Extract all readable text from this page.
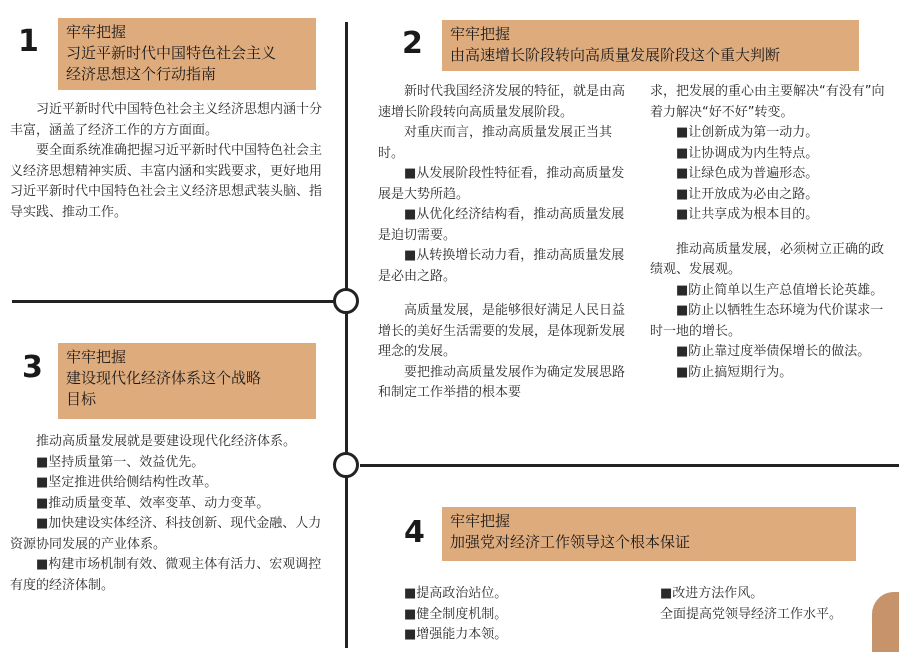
1 牢牢把握
习近平新时代中国特色社会主义
经济思想这个行动指南

习近平新时代中国特色社会主义经济思想内涵十分丰富，涵盖了经济工作的方方面面。

要全面系统准确把握习近平新时代中国特色社会主义经济思想精神实质、丰富内涵和实践要求，更好地用习近平新时代中国特色社会主义经济思想武装头脑、指导实践、推动工作。

2 牢牢把握
由高速增长阶段转向高质量发展阶段这个重大判断

新时代我国经济发展的特征，就是由高速增长阶段转向高质量发展阶段。

对重庆而言，推动高质量发展正当其时。

■从发展阶段性特征看，推动高质量发展是大势所趋。

■从优化经济结构看，推动高质量发展是迫切需要。

■从转换增长动力看，推动高质量发展是必由之路。

高质量发展，是能够很好满足人民日益增长的美好生活需要的发展，是体现新发展理念的发展。

要把推动高质量发展作为确定发展思路和制定工作举措的根本要

求，把发展的重心由主要解决“有没有”向着力解决“好不好”转变。

■让创新成为第一动力。

■让协调成为内生特点。

■让绿色成为普遍形态。

■让开放成为必由之路。

■让共享成为根本目的。

推动高质量发展，必须树立正确的政绩观、发展观。

■防止简单以生产总值增长论英雄。

■防止以牺牲生态环境为代价谋求一时一地的增长。

■防止靠过度举债保增长的做法。

■防止搞短期行为。

3 牢牢把握
建设现代化经济体系这个战略
目标

推动高质量发展就是要建设现代化经济体系。

■坚持质量第一、效益优先。

■坚定推进供给侧结构性改革。

■推动质量变革、效率变革、动力变革。

■加快建设实体经济、科技创新、现代金融、人力资源协同发展的产业体系。

■构建市场机制有效、微观主体有活力、宏观调控有度的经济体制。

4 牢牢把握
加强党对经济工作领导这个根本保证

■提高政治站位。

■健全制度机制。

■增强能力本领。

■改进方法作风。

全面提高党领导经济工作水平。
